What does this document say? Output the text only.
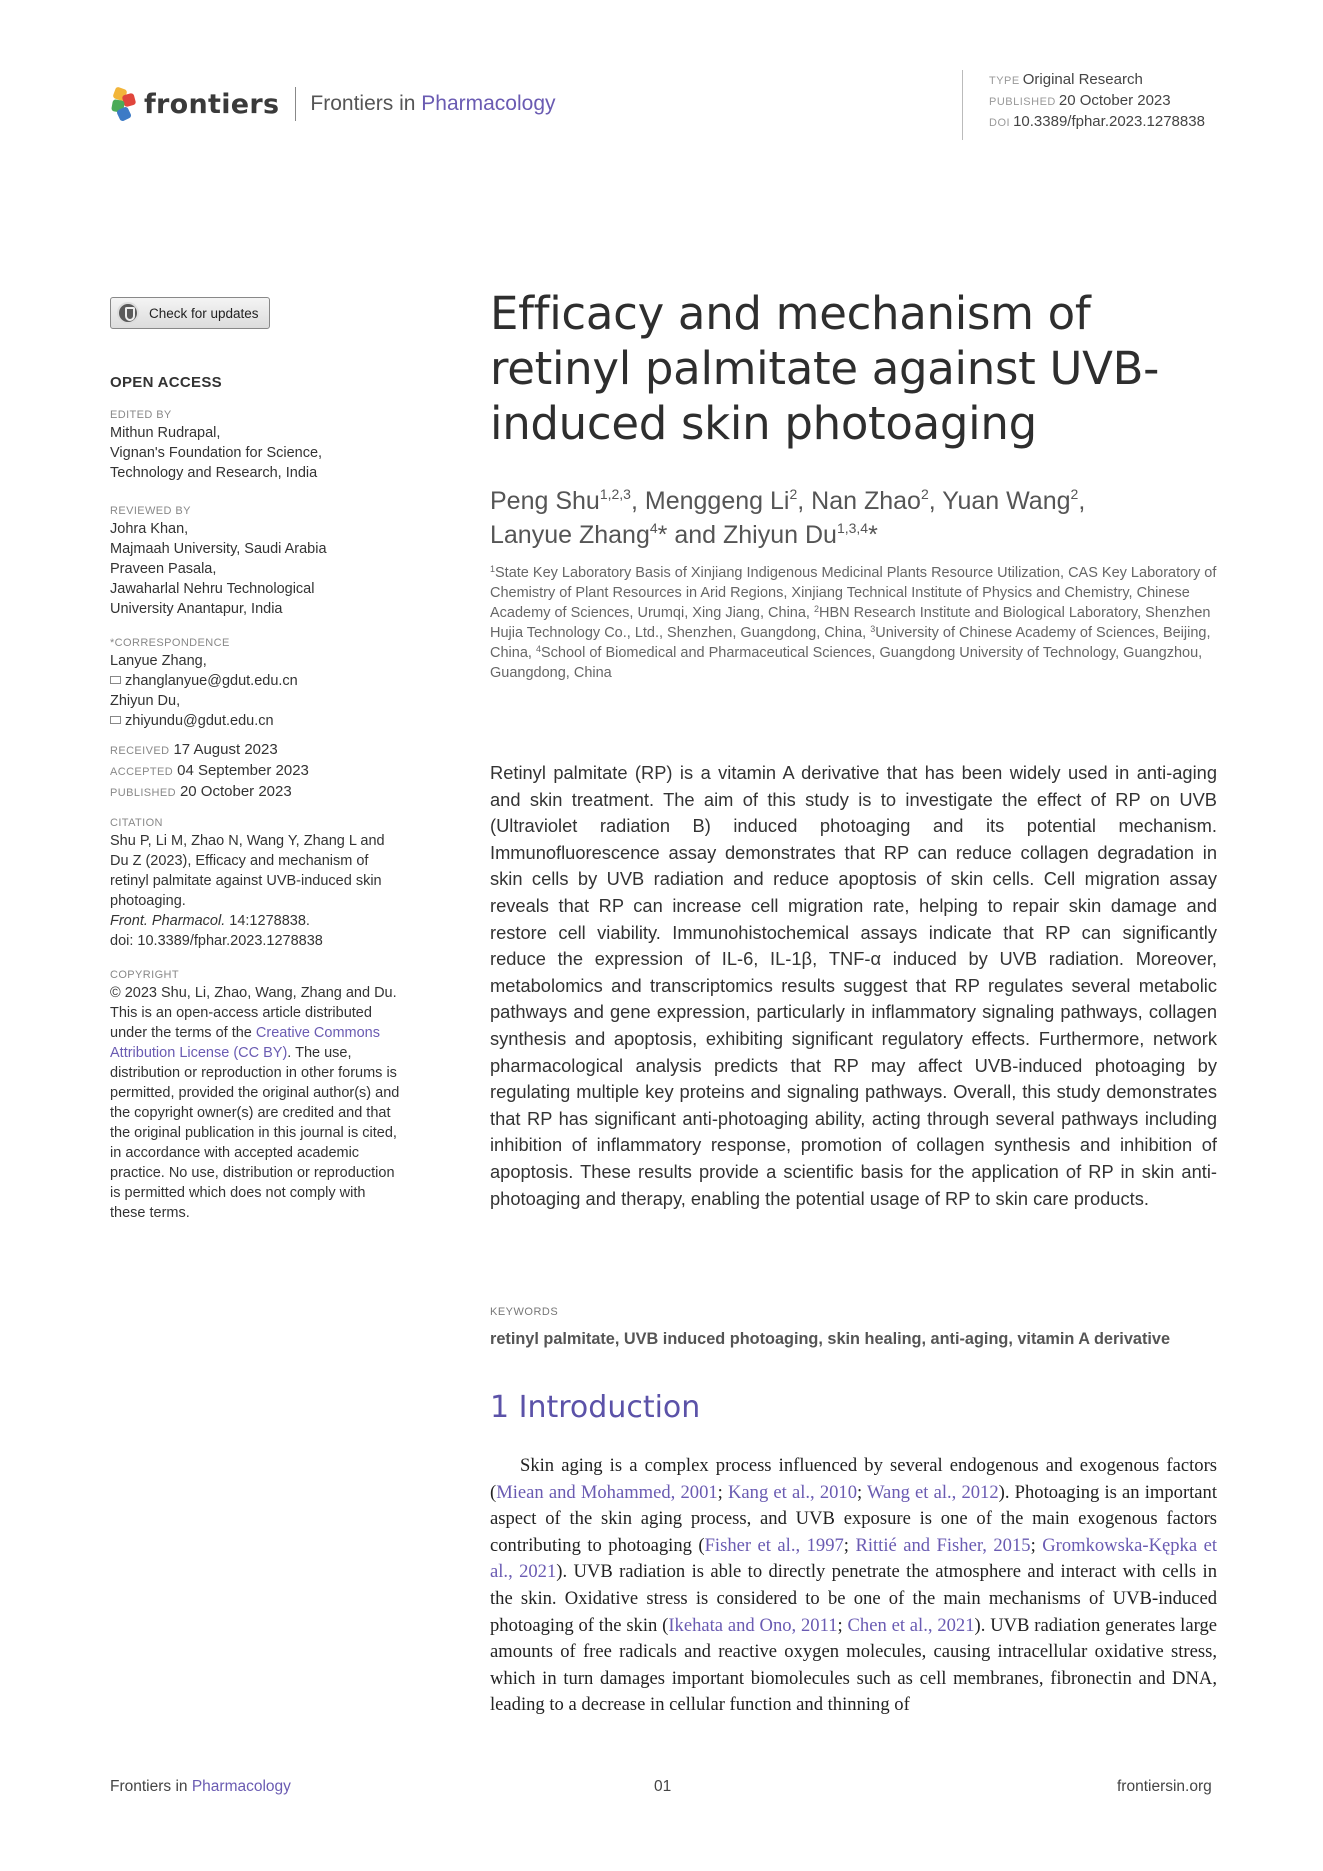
frontiers Frontiers in Pharmacology
TYPE Original Research
PUBLISHED 20 October 2023
DOI 10.3389/fphar.2023.1278838
Check for updates
OPEN ACCESS
EDITED BY
Mithun Rudrapal,
Vignan's Foundation for Science,
Technology and Research, India
REVIEWED BY
Johra Khan,
Majmaah University, Saudi Arabia
Praveen Pasala,
Jawaharlal Nehru Technological
University Anantapur, India
*CORRESPONDENCE
Lanyue Zhang,
zhanglanyue@gdut.edu.cn
Zhiyun Du,
zhiyundu@gdut.edu.cn
RECEIVED 17 August 2023
ACCEPTED 04 September 2023
PUBLISHED 20 October 2023
CITATION
Shu P, Li M, Zhao N, Wang Y, Zhang L and Du Z (2023), Efficacy and mechanism of retinyl palmitate against UVB-induced skin photoaging.
Front. Pharmacol. 14:1278838.
doi: 10.3389/fphar.2023.1278838
COPYRIGHT
© 2023 Shu, Li, Zhao, Wang, Zhang and Du. This is an open-access article distributed under the terms of the Creative Commons Attribution License (CC BY). The use, distribution or reproduction in other forums is permitted, provided the original author(s) and the copyright owner(s) are credited and that the original publication in this journal is cited, in accordance with accepted academic practice. No use, distribution or reproduction is permitted which does not comply with these terms.
Efficacy and mechanism of retinyl palmitate against UVB-induced skin photoaging
Peng Shu$^{1,2,3}$, Menggeng Li$^2$, Nan Zhao$^2$, Yuan Wang$^2$,
Lanyue Zhang$^4$* and Zhiyun Du$^{1,3,4}$*
$^1$State Key Laboratory Basis of Xinjiang Indigenous Medicinal Plants Resource Utilization, CAS Key Laboratory of Chemistry of Plant Resources in Arid Regions, Xinjiang Technical Institute of Physics and Chemistry, Chinese Academy of Sciences, Urumqi, Xing Jiang, China, $^2$HBN Research Institute and Biological Laboratory, Shenzhen Hujia Technology Co., Ltd., Shenzhen, Guangdong, China, $^3$University of Chinese Academy of Sciences, Beijing, China, $^4$School of Biomedical and Pharmaceutical Sciences, Guangdong University of Technology, Guangzhou, Guangdong, China
Retinyl palmitate (RP) is a vitamin A derivative that has been widely used in anti-aging and skin treatment. The aim of this study is to investigate the effect of RP on UVB (Ultraviolet radiation B) induced photoaging and its potential mechanism. Immunofluorescence assay demonstrates that RP can reduce collagen degradation in skin cells by UVB radiation and reduce apoptosis of skin cells. Cell migration assay reveals that RP can increase cell migration rate, helping to repair skin damage and restore cell viability. Immunohistochemical assays indicate that RP can significantly reduce the expression of IL-6, IL-1β, TNF-α induced by UVB radiation. Moreover, metabolomics and transcriptomics results suggest that RP regulates several metabolic pathways and gene expression, particularly in inflammatory signaling pathways, collagen synthesis and apoptosis, exhibiting significant regulatory effects. Furthermore, network pharmacological analysis predicts that RP may affect UVB-induced photoaging by regulating multiple key proteins and signaling pathways. Overall, this study demonstrates that RP has significant anti-photoaging ability, acting through several pathways including inhibition of inflammatory response, promotion of collagen synthesis and inhibition of apoptosis. These results provide a scientific basis for the application of RP in skin anti-photoaging and therapy, enabling the potential usage of RP to skin care products.
KEYWORDS
retinyl palmitate, UVB induced photoaging, skin healing, anti-aging, vitamin A derivative
1 Introduction

Skin aging is a complex process influenced by several endogenous and exogenous factors (Miean and Mohammed, 2001; Kang et al., 2010; Wang et al., 2012). Photoaging is an important aspect of the skin aging process, and UVB exposure is one of the main exogenous factors contributing to photoaging (Fisher et al., 1997; Rittié and Fisher, 2015; Gromkowska-Kępka et al., 2021). UVB radiation is able to directly penetrate the atmosphere and interact with cells in the skin. Oxidative stress is considered to be one of the main mechanisms of UVB-induced photoaging of the skin (Ikehata and Ono, 2011; Chen et al., 2021). UVB radiation generates large amounts of free radicals and reactive oxygen molecules, causing intracellular oxidative stress, which in turn damages important biomolecules such as cell membranes, fibronectin and DNA, leading to a decrease in cellular function and thinning of

Frontiers in Pharmacology	01	frontiersin.org
